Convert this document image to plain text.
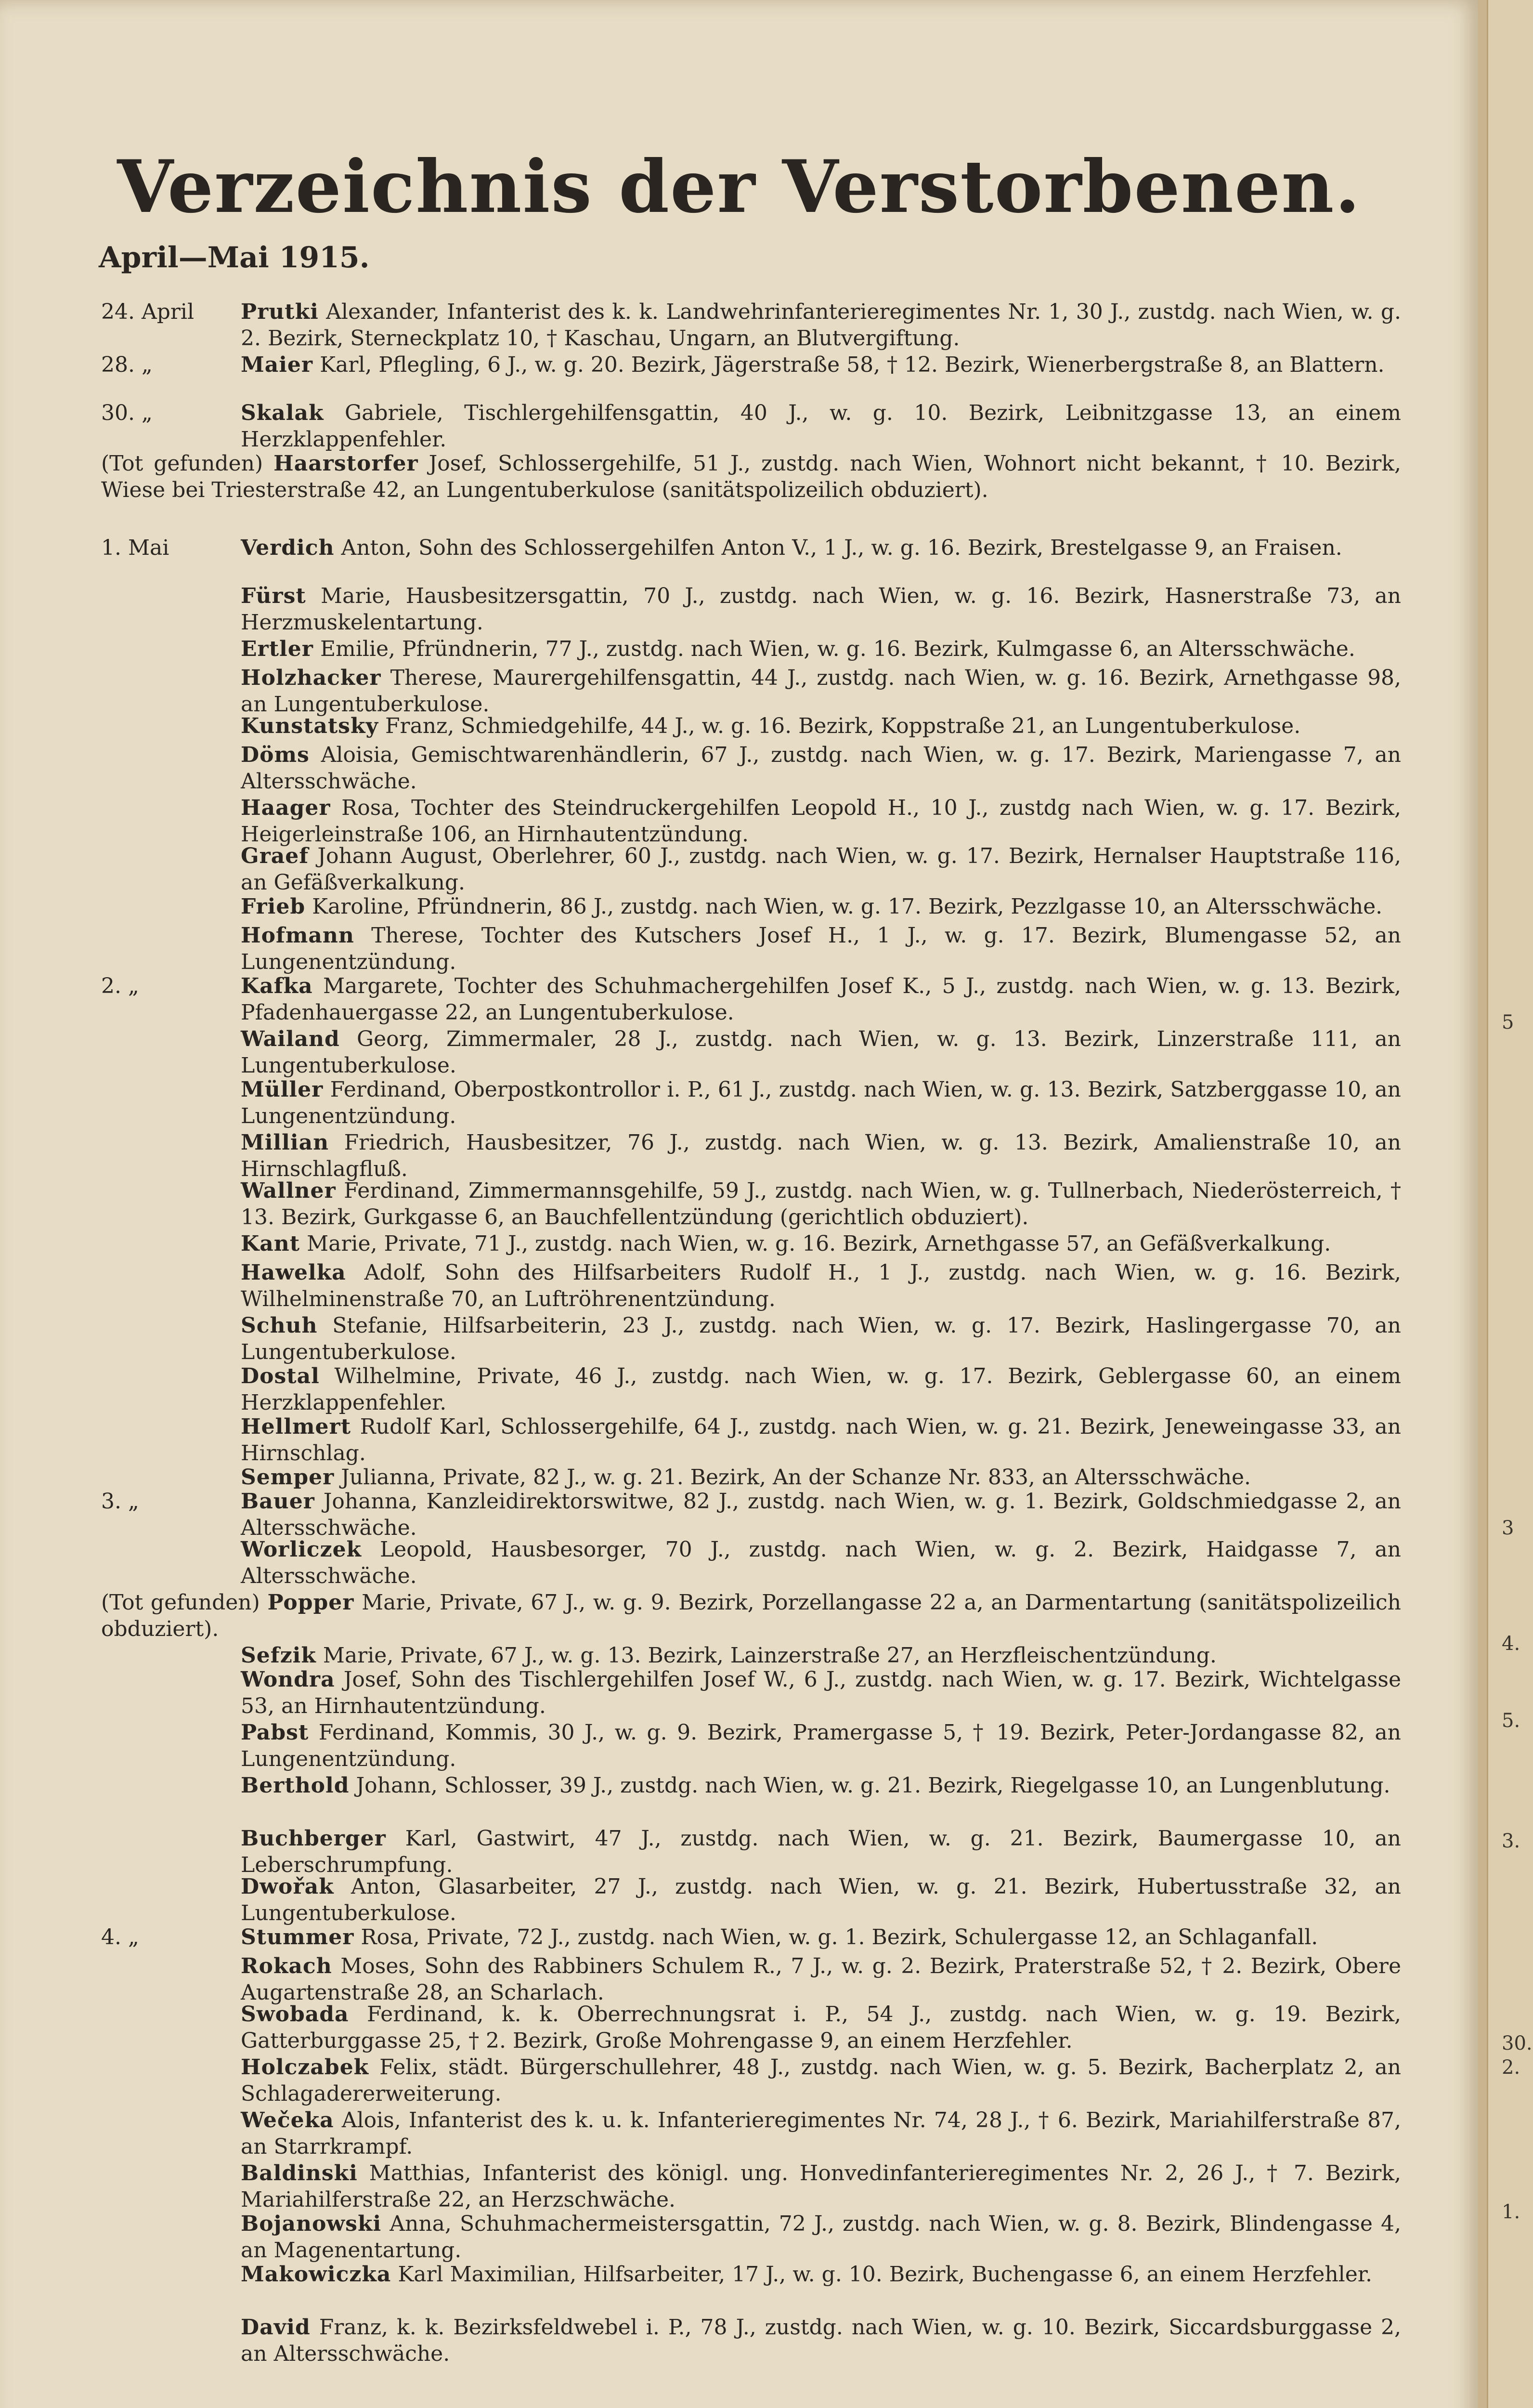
Verzeichnis der Verstorbenen.
April—Mai 1915.
24. April	Prutki Alexander, Infanterist des k. k. Landwehrinfanterieregimentes Nr. 1, 30 J., zustdg. nach Wien, w. g. 2. Bezirk, Sterneckplatz 10, † Kaschau, Ungarn, an Blutvergiftung.
28. „	Maier Karl, Pflegling, 6 J., w. g. 20. Bezirk, Jägerstraße 58, † 12. Bezirk, Wienerbergstraße 8, an Blattern.
30. „	Skalak Gabriele, Tischlergehilfensgattin, 40 J., w. g. 10. Bezirk, Leibnitzgasse 13, an einem Herzklappenfehler.
(Tot gefunden) Haarstorfer Josef, Schlossergehilfe, 51 J., zustdg. nach Wien, Wohnort nicht bekannt, † 10. Bezirk, Wiese bei Triesterstraße 42, an Lungentuberkulose (sanitätspolizeilich obduziert).
1. Mai	Verdich Anton, Sohn des Schlossergehilfen Anton V., 1 J., w. g. 16. Bezirk, Brestelgasse 9, an Fraisen.
Fürst Marie, Hausbesitzersgattin, 70 J., zustdg. nach Wien, w. g. 16. Bezirk, Hasnerstraße 73, an Herzmuskelentartung.
Ertler Emilie, Pfründnerin, 77 J., zustdg. nach Wien, w. g. 16. Bezirk, Kulmgasse 6, an Altersschwäche.
Holzhacker Therese, Maurergehilfensgattin, 44 J., zustdg. nach Wien, w. g. 16. Bezirk, Arnethgasse 98, an Lungentuberkulose.
Kunstatsky Franz, Schmiedgehilfe, 44 J., w. g. 16. Bezirk, Koppstraße 21, an Lungentuberkulose.
Döms Aloisia, Gemischtwarenhändlerin, 67 J., zustdg. nach Wien, w. g. 17. Bezirk, Mariengasse 7, an Altersschwäche.
Haager Rosa, Tochter des Steindruckergehilfen Leopold H., 10 J., zustdg nach Wien, w. g. 17. Bezirk, Heigerleinstraße 106, an Hirnhautentzündung.
Graef Johann August, Oberlehrer, 60 J., zustdg. nach Wien, w. g. 17. Bezirk, Hernalser Hauptstraße 116, an Gefäßverkalkung.
Frieb Karoline, Pfründnerin, 86 J., zustdg. nach Wien, w. g. 17. Bezirk, Pezzlgasse 10, an Altersschwäche.
Hofmann Therese, Tochter des Kutschers Josef H., 1 J., w. g. 17. Bezirk, Blumengasse 52, an Lungenentzündung.
2. „	Kafka Margarete, Tochter des Schuhmachergehilfen Josef K., 5 J., zustdg. nach Wien, w. g. 13. Bezirk, Pfadenhauergasse 22, an Lungentuberkulose.
Wailand Georg, Zimmermaler, 28 J., zustdg. nach Wien, w. g. 13. Bezirk, Linzerstraße 111, an Lungentuberkulose.
Müller Ferdinand, Oberpostkontrollor i. P., 61 J., zustdg. nach Wien, w. g. 13. Bezirk, Satzberggasse 10, an Lungenentzündung.
Millian Friedrich, Hausbesitzer, 76 J., zustdg. nach Wien, w. g. 13. Bezirk, Amalienstraße 10, an Hirnschlagfluß.
Wallner Ferdinand, Zimmermannsgehilfe, 59 J., zustdg. nach Wien, w. g. Tullnerbach, Niederösterreich, † 13. Bezirk, Gurkgasse 6, an Bauchfellentzündung (gerichtlich obduziert).
Kant Marie, Private, 71 J., zustdg. nach Wien, w. g. 16. Bezirk, Arnethgasse 57, an Gefäßverkalkung.
Hawelka Adolf, Sohn des Hilfsarbeiters Rudolf H., 1 J., zustdg. nach Wien, w. g. 16. Bezirk, Wilhelminenstraße 70, an Luftröhrenentzündung.
Schuh Stefanie, Hilfsarbeiterin, 23 J., zustdg. nach Wien, w. g. 17. Bezirk, Haslingergasse 70, an Lungentuberkulose.
Dostal Wilhelmine, Private, 46 J., zustdg. nach Wien, w. g. 17. Bezirk, Geblergasse 60, an einem Herzklappenfehler.
Hellmert Rudolf Karl, Schlossergehilfe, 64 J., zustdg. nach Wien, w. g. 21. Bezirk, Jeneweingasse 33, an Hirnschlag.
Semper Julianna, Private, 82 J., w. g. 21. Bezirk, An der Schanze Nr. 833, an Altersschwäche.
3. „	Bauer Johanna, Kanzleidirektorswitwe, 82 J., zustdg. nach Wien, w. g. 1. Bezirk, Goldschmiedgasse 2, an Altersschwäche.
Worliczek Leopold, Hausbesorger, 70 J., zustdg. nach Wien, w. g. 2. Bezirk, Haidgasse 7, an Altersschwäche.
(Tot gefunden) Popper Marie, Private, 67 J., w. g. 9. Bezirk, Porzellangasse 22 a, an Darmentartung (sanitätspolizeilich obduziert).
Sefzik Marie, Private, 67 J., w. g. 13. Bezirk, Lainzerstraße 27, an Herzfleischentzündung.
Wondra Josef, Sohn des Tischlergehilfen Josef W., 6 J., zustdg. nach Wien, w. g. 17. Bezirk, Wichtelgasse 53, an Hirnhautentzündung.
Pabst Ferdinand, Kommis, 30 J., w. g. 9. Bezirk, Pramergasse 5, † 19. Bezirk, Peter-Jordangasse 82, an Lungenentzündung.
Berthold Johann, Schlosser, 39 J., zustdg. nach Wien, w. g. 21. Bezirk, Riegelgasse 10, an Lungenblutung.
Buchberger Karl, Gastwirt, 47 J., zustdg. nach Wien, w. g. 21. Bezirk, Baumergasse 10, an Leberschrumpfung.
Dwořak Anton, Glasarbeiter, 27 J., zustdg. nach Wien, w. g. 21. Bezirk, Hubertusstraße 32, an Lungentuberkulose.
4. „	Stummer Rosa, Private, 72 J., zustdg. nach Wien, w. g. 1. Bezirk, Schulergasse 12, an Schlaganfall.
Rokach Moses, Sohn des Rabbiners Schulem R., 7 J., w. g. 2. Bezirk, Praterstraße 52, † 2. Bezirk, Obere Augartenstraße 28, an Scharlach.
Swobada Ferdinand, k. k. Oberrechnungsrat i. P., 54 J., zustdg. nach Wien, w. g. 19. Bezirk, Gatterburggasse 25, † 2. Bezirk, Große Mohrengasse 9, an einem Herzfehler.
Holczabek Felix, städt. Bürgerschullehrer, 48 J., zustdg. nach Wien, w. g. 5. Bezirk, Bacherplatz 2, an Schlagadererweiterung.
Wečeka Alois, Infanterist des k. u. k. Infanterieregimentes Nr. 74, 28 J., † 6. Bezirk, Mariahilferstraße 87, an Starrkrampf.
Baldinski Matthias, Infanterist des königl. ung. Honvedinfanterieregimentes Nr. 2, 26 J., † 7. Bezirk, Mariahilferstraße 22, an Herzschwäche.
Bojanowski Anna, Schuhmachermeistersgattin, 72 J., zustdg. nach Wien, w. g. 8. Bezirk, Blindengasse 4, an Magenentartung.
Makowiczka Karl Maximilian, Hilfsarbeiter, 17 J., w. g. 10. Bezirk, Buchengasse 6, an einem Herzfehler.
David Franz, k. k. Bezirksfeldwebel i. P., 78 J., zustdg. nach Wien, w. g. 10. Bezirk, Siccardsburggasse 2, an Altersschwäche.
5
3
4.
5.
3.
30.
2.
1.
